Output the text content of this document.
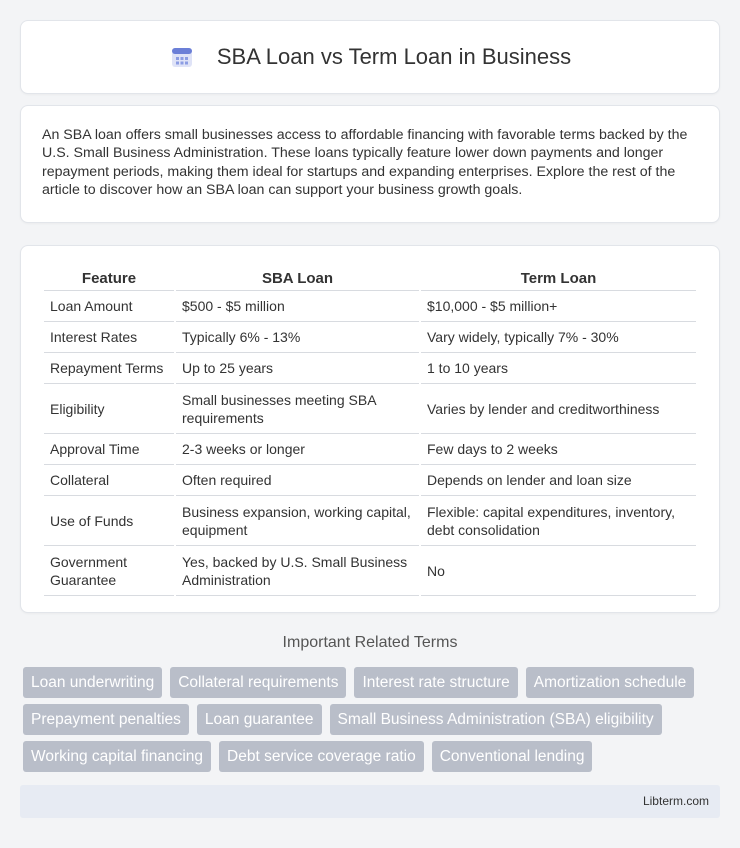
SBA Loan vs Term Loan in Business

An SBA loan offers small businesses access to affordable financing with favorable terms backed by the U.S. Small Business Administration. These loans typically feature lower down payments and longer repayment periods, making them ideal for startups and expanding enterprises. Explore the rest of the article to discover how an SBA loan can support your business growth goals.

Feature	SBA Loan	Term Loan
Loan Amount	$500 - $5 million	$10,000 - $5 million+
Interest Rates	Typically 6% - 13%	Vary widely, typically 7% - 30%
Repayment Terms	Up to 25 years	1 to 10 years
Eligibility	Small businesses meeting SBA requirements	Varies by lender and creditworthiness
Approval Time	2-3 weeks or longer	Few days to 2 weeks
Collateral	Often required	Depends on lender and loan size
Use of Funds	Business expansion, working capital, equipment	Flexible: capital expenditures, inventory, debt consolidation
Government Guarantee	Yes, backed by U.S. Small Business Administration	No
Important Related Terms
Loan underwriting	Collateral requirements	Interest rate structure	Amortization schedule
Prepayment penalties	Loan guarantee	Small Business Administration (SBA) eligibility
Working capital financing	Debt service coverage ratio	Conventional lending
Libterm.com
